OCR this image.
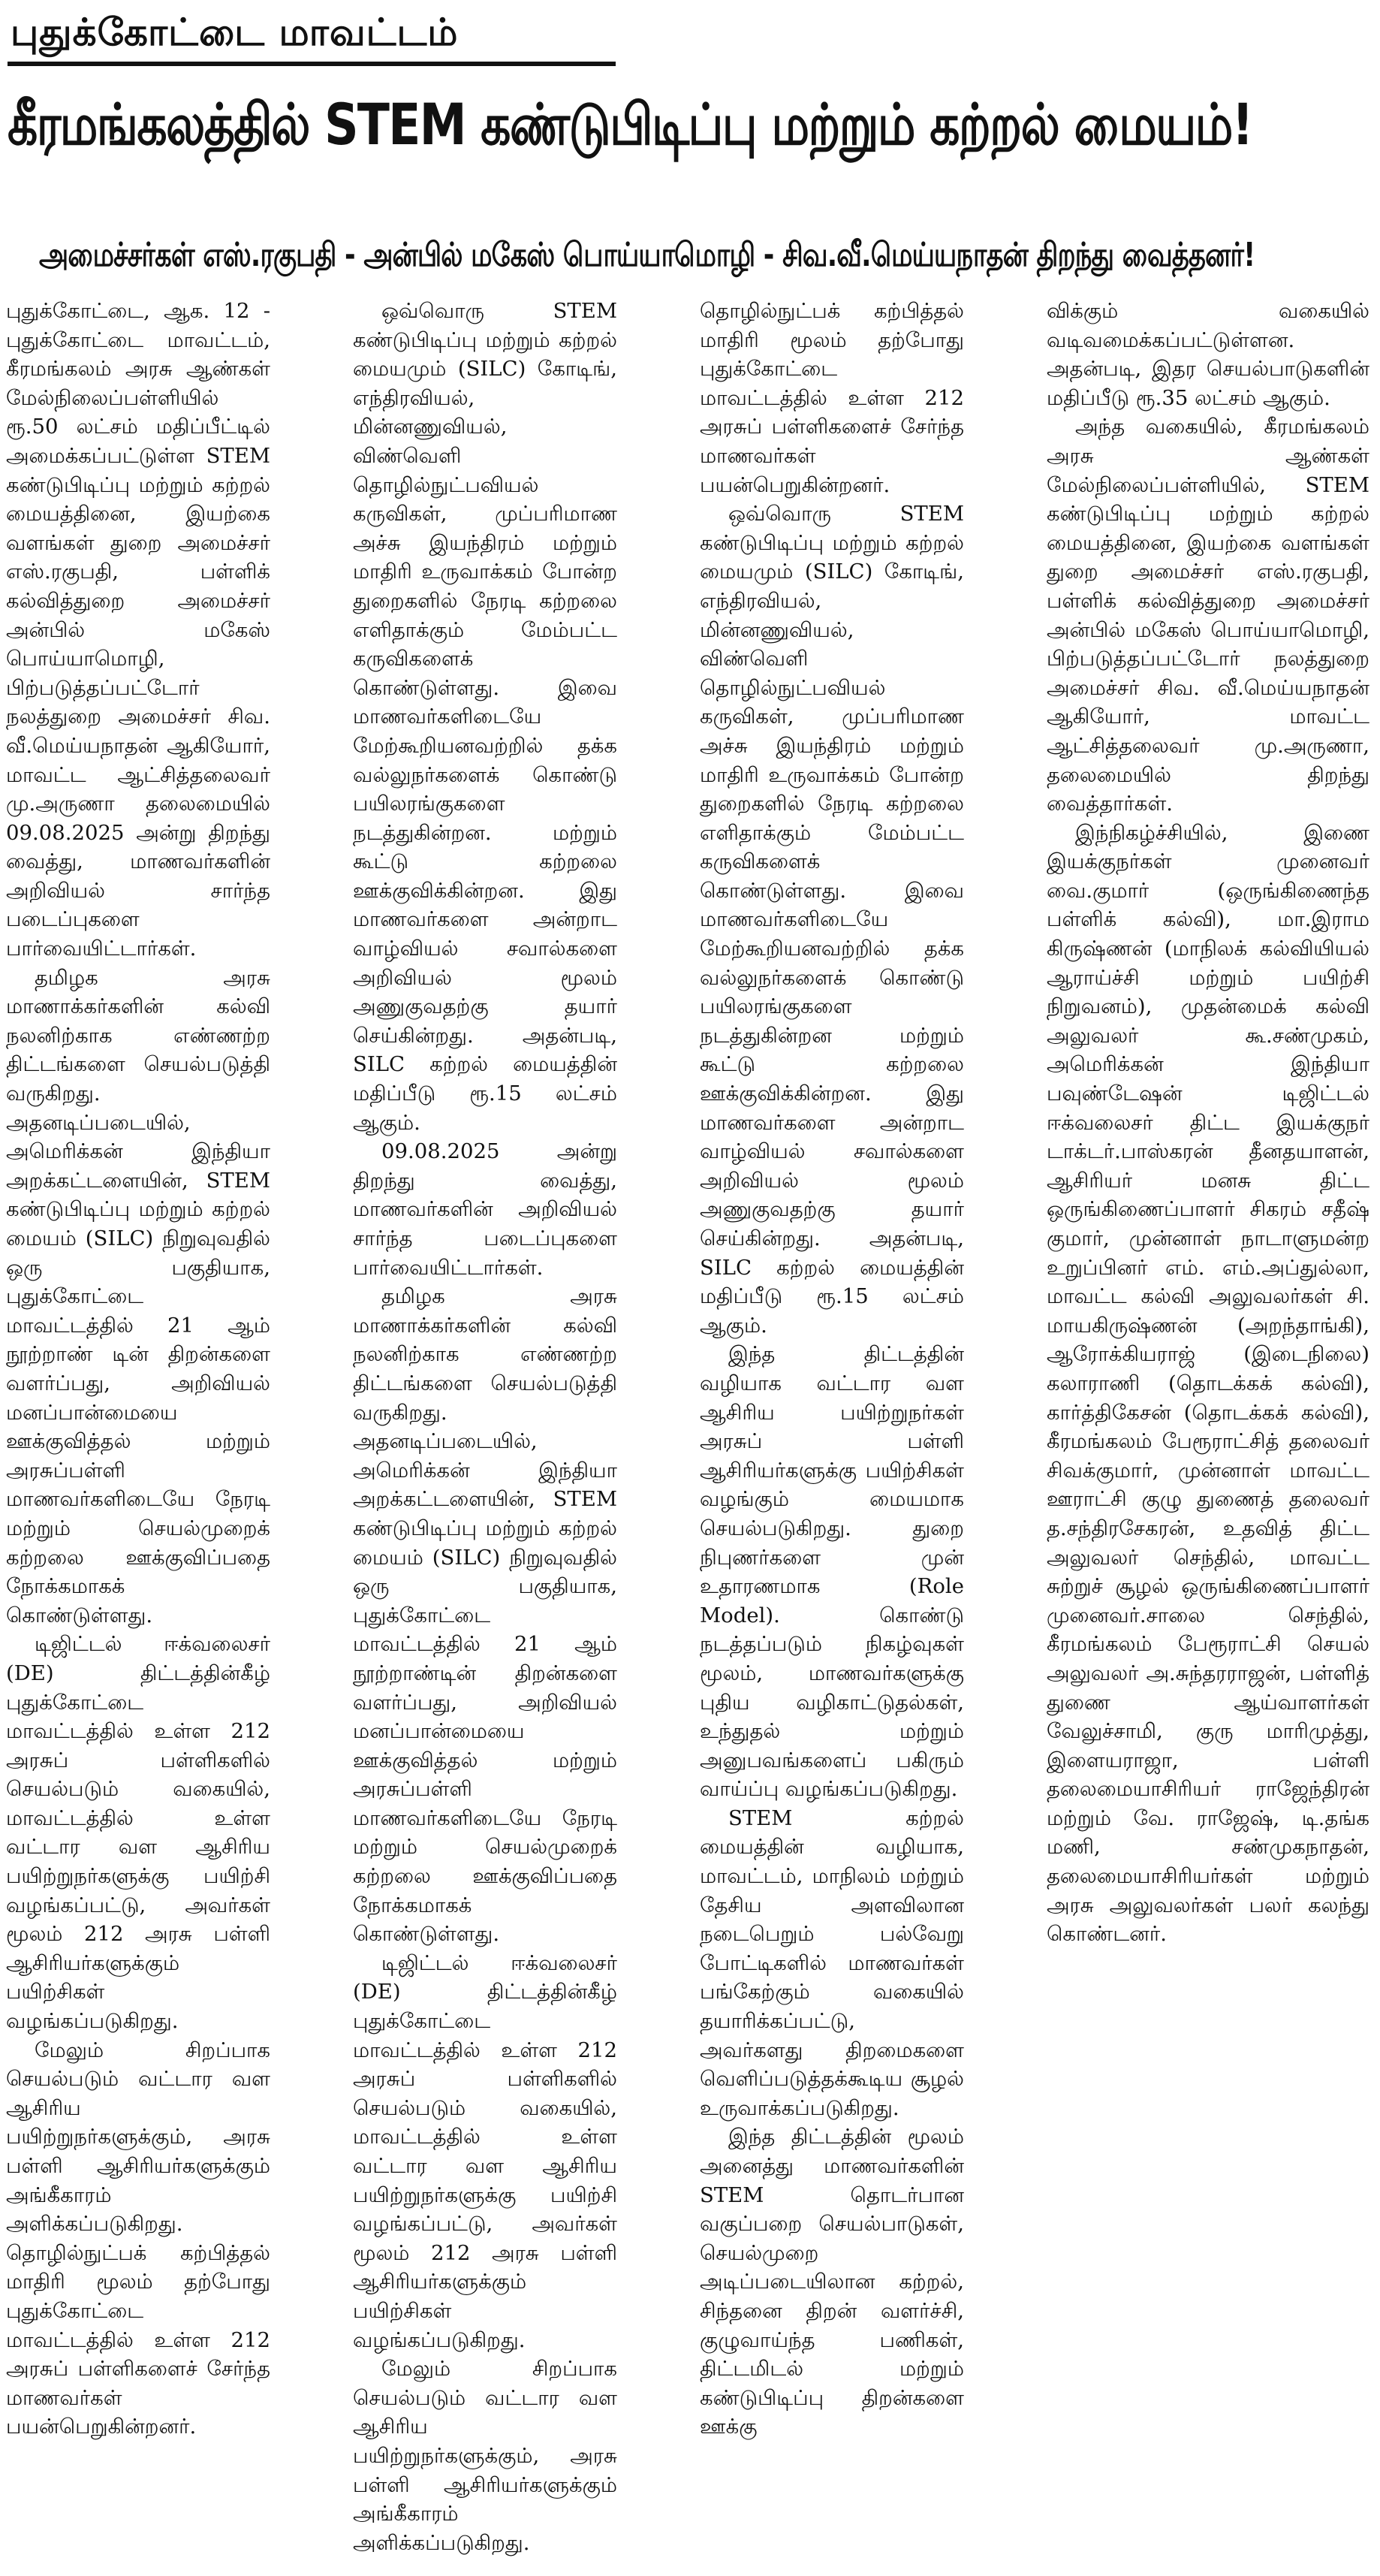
புதுக்கோட்டை மாவட்டம்
கீரமங்கலத்தில் STEM கண்டுபிடிப்பு மற்றும் கற்றல் மையம்!
அமைச்சர்கள் எஸ்.ரகுபதி - அன்பில் மகேஸ் பொய்யாமொழி - சிவ.வீ.மெய்யநாதன் திறந்து வைத்தனர்!

புதுக்கோட்டை, ஆக. 12 - புதுக்கோட்டை மாவட்டம், கீரமங்கலம் அரசு ஆண்கள் மேல்நிலைப்பள்ளியில் ரூ.50 லட்சம் மதிப்பீட்டில் அமைக்கப்பட்டுள்ள STEM கண்டுபிடிப்பு மற்றும் கற்றல் மையத்தினை, இயற்கை வளங்கள் துறை அமைச்சர் எஸ்.ரகுபதி, பள்ளிக் கல்வித்துறை அமைச்சர் அன்பில் மகேஸ் பொய்யாமொழி, பிற்படுத்தப்பட்டோர் நலத்துறை அமைச்சர் சிவ. வீ.மெய்யநாதன் ஆகியோர், மாவட்ட ஆட்சித்தலைவர் மு.அருணா தலைமையில் 09.08.2025 அன்று திறந்து வைத்து, மாணவர்களின் அறிவியல் சார்ந்த படைப்புகளை பார்வையிட்டார்கள்.

தமிழக அரசு மாணாக்கர்களின் கல்வி நலனிற்காக எண்ணற்ற திட்டங்களை செயல்படுத்தி வருகிறது. அதனடிப்படையில், அமெரிக்கன் இந்தியா அறக்கட்டளையின், STEM கண்டுபிடிப்பு மற்றும் கற்றல் மையம் (SILC) நிறுவுவதில் ஒரு பகுதியாக, புதுக்கோட்டை மாவட்டத்தில் 21 ஆம் நூற்றாண் டின் திறன்களை வளர்ப்பது, அறிவியல் மனப்பான்மையை ஊக்குவித்தல் மற்றும் அரசுப்பள்ளி மாணவர்களிடையே நேரடி மற்றும் செயல்முறைக் கற்றலை ஊக்குவிப்பதை நோக்கமாகக் கொண்டுள்ளது.

டிஜிட்டல் ஈக்வலைசர் (DE) திட்டத்தின்கீழ் புதுக்கோட்டை மாவட்டத்தில் உள்ள 212 அரசுப் பள்ளிகளில் செயல்படும் வகையில், மாவட்டத்தில் உள்ள வட்டார வள ஆசிரிய பயிற்றுநர்களுக்கு பயிற்சி வழங்கப்பட்டு, அவர்கள் மூலம் 212 அரசு பள்ளி ஆசிரியர்களுக்கும் பயிற்சிகள் வழங்கப்படுகிறது.

மேலும் சிறப்பாக செயல்படும் வட்டார வள ஆசிரிய பயிற்றுநர்களுக்கும், அரசு பள்ளி ஆசிரியர்களுக்கும் அங்கீகாரம் அளிக்கப்படுகிறது. தொழில்நுட்பக் கற்பித்தல் மாதிரி மூலம் தற்போது புதுக்கோட்டை மாவட்டத்தில் உள்ள 212 அரசுப் பள்ளிகளைச் சேர்ந்த மாணவர்கள் பயன்பெறுகின்றனர்.

ஒவ்வொரு STEM கண்டுபிடிப்பு மற்றும் கற்றல் மையமும் (SILC) கோடிங், எந்திரவியல், மின்னணுவியல், விண்வெளி தொழில்நுட்பவியல் கருவிகள், முப்பரிமாண அச்சு இயந்திரம் மற்றும் மாதிரி உருவாக்கம் போன்ற துறைகளில் நேரடி கற்றலை எளிதாக்கும் மேம்பட்ட கருவிகளைக் கொண்டுள்ளது. இவை மாணவர்களிடையே மேற்கூறியனவற்றில் தக்க வல்லுநர்களைக் கொண்டு பயிலரங்குகளை நடத்துகின்றன. மற்றும் கூட்டு கற்றலை ஊக்குவிக்கின்றன. இது மாணவர்களை அன்றாட வாழ்வியல் சவால்களை அறிவியல் மூலம் அணுகுவதற்கு தயார் செய்கின்றது. அதன்படி, SILC கற்றல் மையத்தின் மதிப்பீடு ரூ.15 லட்சம் ஆகும்.

09.08.2025 அன்று திறந்து வைத்து, மாணவர்களின் அறிவியல் சார்ந்த படைப்புகளை பார்வையிட்டார்கள்.

தமிழக அரசு மாணாக்கர்களின் கல்வி நலனிற்காக எண்ணற்ற திட்டங்களை செயல்படுத்தி வருகிறது. அதனடிப்படையில், அமெரிக்கன் இந்தியா அறக்கட்டளையின், STEM கண்டுபிடிப்பு மற்றும் கற்றல் மையம் (SILC) நிறுவுவதில் ஒரு பகுதியாக, புதுக்கோட்டை மாவட்டத்தில் 21 ஆம் நூற்றாண்டின் திறன்களை வளர்ப்பது, அறிவியல் மனப்பான்மையை ஊக்குவித்தல் மற்றும் அரசுப்பள்ளி மாணவர்களிடையே நேரடி மற்றும் செயல்முறைக் கற்றலை ஊக்குவிப்பதை நோக்கமாகக் கொண்டுள்ளது.

டிஜிட்டல் ஈக்வலைசர் (DE) திட்டத்தின்கீழ் புதுக்கோட்டை மாவட்டத்தில் உள்ள 212 அரசுப் பள்ளிகளில் செயல்படும் வகையில், மாவட்டத்தில் உள்ள வட்டார வள ஆசிரிய பயிற்றுநர்களுக்கு பயிற்சி வழங்கப்பட்டு, அவர்கள் மூலம் 212 அரசு பள்ளி ஆசிரியர்களுக்கும் பயிற்சிகள் வழங்கப்படுகிறது.

மேலும் சிறப்பாக செயல்படும் வட்டார வள ஆசிரிய பயிற்றுநர்களுக்கும், அரசு பள்ளி ஆசிரியர்களுக்கும் அங்கீகாரம் அளிக்கப்படுகிறது.

தொழில்நுட்பக் கற்பித்தல் மாதிரி மூலம் தற்போது புதுக்கோட்டை மாவட்டத்தில் உள்ள 212 அரசுப் பள்ளிகளைச் சேர்ந்த மாணவர்கள் பயன்பெறுகின்றனர்.

ஒவ்வொரு STEM கண்டுபிடிப்பு மற்றும் கற்றல் மையமும் (SILC) கோடிங், எந்திரவியல், மின்னணுவியல், விண்வெளி தொழில்நுட்பவியல் கருவிகள், முப்பரிமாண அச்சு இயந்திரம் மற்றும் மாதிரி உருவாக்கம் போன்ற துறைகளில் நேரடி கற்றலை எளிதாக்கும் மேம்பட்ட கருவிகளைக் கொண்டுள்ளது. இவை மாணவர்களிடையே மேற்கூறியனவற்றில் தக்க வல்லுநர்களைக் கொண்டு பயிலரங்குகளை நடத்துகின்றன மற்றும் கூட்டு கற்றலை ஊக்குவிக்கின்றன. இது மாணவர்களை அன்றாட வாழ்வியல் சவால்களை அறிவியல் மூலம் அணுகுவதற்கு தயார் செய்கின்றது. அதன்படி, SILC கற்றல் மையத்தின் மதிப்பீடு ரூ.15 லட்சம் ஆகும்.

இந்த திட்டத்தின் வழியாக வட்டார வள ஆசிரிய பயிற்றுநர்கள் அரசுப் பள்ளி ஆசிரியர்களுக்கு பயிற்சிகள் வழங்கும் மையமாக செயல்படுகிறது. துறை நிபுணர்களை முன் உதாரணமாக (Role Model). கொண்டு நடத்தப்படும் நிகழ்வுகள் மூலம், மாணவர்களுக்கு புதிய வழிகாட்டுதல்கள், உந்துதல் மற்றும் அனுபவங்களைப் பகிரும் வாய்ப்பு வழங்கப்படுகிறது.

STEM கற்றல் மையத்தின் வழியாக, மாவட்டம், மாநிலம் மற்றும் தேசிய அளவிலான நடைபெறும் பல்வேறு போட்டிகளில் மாணவர்கள் பங்கேற்கும் வகையில் தயாரிக்கப்பட்டு, அவர்களது திறமைகளை வெளிப்படுத்தக்கூடிய சூழல் உருவாக்கப்படுகிறது.

இந்த திட்டத்தின் மூலம் அனைத்து மாணவர்களின் STEM தொடர்பான வகுப்பறை செயல்பாடுகள், செயல்முறை அடிப்படையிலான கற்றல், சிந்தனை திறன் வளர்ச்சி, குழுவாய்ந்த பணிகள், திட்டமிடல் மற்றும் கண்டுபிடிப்பு திறன்களை ஊக்கு

விக்கும் வகையில் வடிவமைக்கப்பட்டுள்ளன. அதன்படி, இதர செயல்பாடுகளின் மதிப்பீடு ரூ.35 லட்சம் ஆகும்.

அந்த வகையில், கீரமங்கலம் அரசு ஆண்கள் மேல்நிலைப்பள்ளியில், STEM கண்டுபிடிப்பு மற்றும் கற்றல் மையத்தினை, இயற்கை வளங்கள் துறை அமைச்சர் எஸ்.ரகுபதி, பள்ளிக் கல்வித்துறை அமைச்சர் அன்பில் மகேஸ் பொய்யாமொழி, பிற்படுத்தப்பட்டோர் நலத்துறை அமைச்சர் சிவ. வீ.மெய்யநாதன் ஆகியோர், மாவட்ட ஆட்சித்தலைவர் மு.அருணா, தலைமையில் திறந்து வைத்தார்கள்.

இந்நிகழ்ச்சியில், இணை இயக்குநர்கள் முனைவர் வை.குமார் (ஒருங்கிணைந்த பள்ளிக் கல்வி), மா.இராம கிருஷ்ணன் (மாநிலக் கல்வியியல் ஆராய்ச்சி மற்றும் பயிற்சி நிறுவனம்), முதன்மைக் கல்வி அலுவலர் கூ.சண்முகம், அமெரிக்கன் இந்தியா பவுண்டேஷன் டிஜிட்டல் ஈக்வலைசர் திட்ட இயக்குநர் டாக்டர்.பாஸ்கரன் தீனதயாளன், ஆசிரியர் மனசு திட்ட ஒருங்கிணைப்பாளர் சிகரம் சதீஷ் குமார், முன்னாள் நாடாளுமன்ற உறுப்பினர் எம். எம்.அப்துல்லா, மாவட்ட கல்வி அலுவலர்கள் சி. மாயகிருஷ்ணன் (அறந்தாங்கி), ஆரோக்கியராஜ் (இடைநிலை) கலாராணி (தொடக்கக் கல்வி), கார்த்திகேசன் (தொடக்கக் கல்வி), கீரமங்கலம் பேரூராட்சித் தலைவர் சிவக்குமார், முன்னாள் மாவட்ட ஊராட்சி குழு துணைத் தலைவர் த.சந்திரசேகரன், உதவித் திட்ட அலுவலர் செந்தில், மாவட்ட சுற்றுச் சூழல் ஒருங்கிணைப்பாளர் முனைவர்.சாலை செந்தில், கீரமங்கலம் பேரூராட்சி செயல் அலுவலர் அ.சுந்தரராஜன், பள்ளித் துணை ஆய்வாளர்கள் வேலுச்சாமி, குரு மாரிமுத்து, இளையராஜா, பள்ளி தலைமையாசிரியர் ராஜேந்திரன் மற்றும் வே. ராஜேஷ், டி.தங்க மணி, சண்முகநாதன், தலைமையாசிரியர்கள் மற்றும் அரசு அலுவலர்கள் பலர் கலந்து கொண்டனர்.
